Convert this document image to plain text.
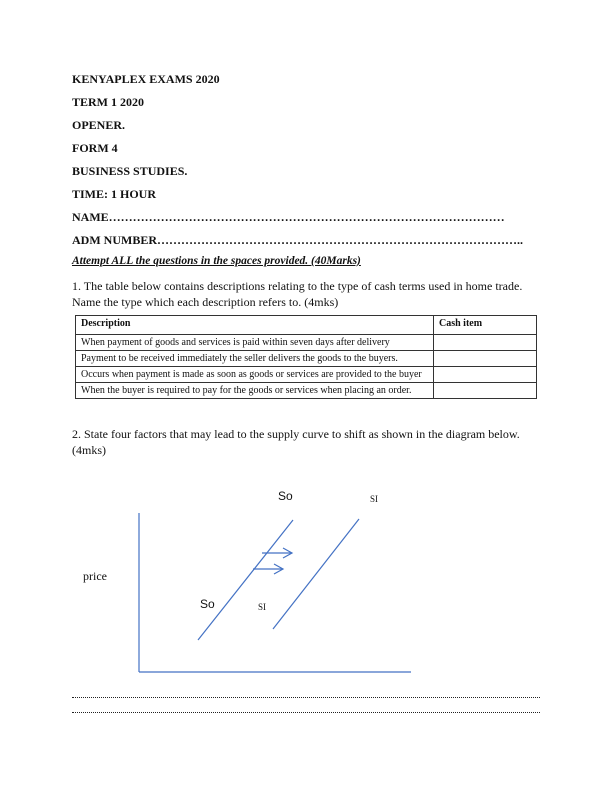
KENYAPLEX EXAMS 2020
TERM 1 2020
OPENER.
FORM 4
BUSINESS STUDIES.
TIME: 1 HOUR
NAME………………………………………………………………………………………
ADM NUMBER………………………………………………………………………………..
Attempt ALL the questions in the spaces provided. (40Marks)
1. The table below contains descriptions relating to the type of cash terms used in home trade. Name the type which each description refers to. (4mks)
Description	Cash item
When payment of goods and services is paid within seven days after delivery	
Payment to be received immediately the seller delivers the goods to the buyers.	
Occurs when payment is made as soon as goods or services are provided to the buyer	
When the buyer is required to pay for the goods or services when placing an order.	
2. State four factors that may lead to the supply curve to shift as shown in the diagram below. (4mks)
price
So	SI
So	SI
